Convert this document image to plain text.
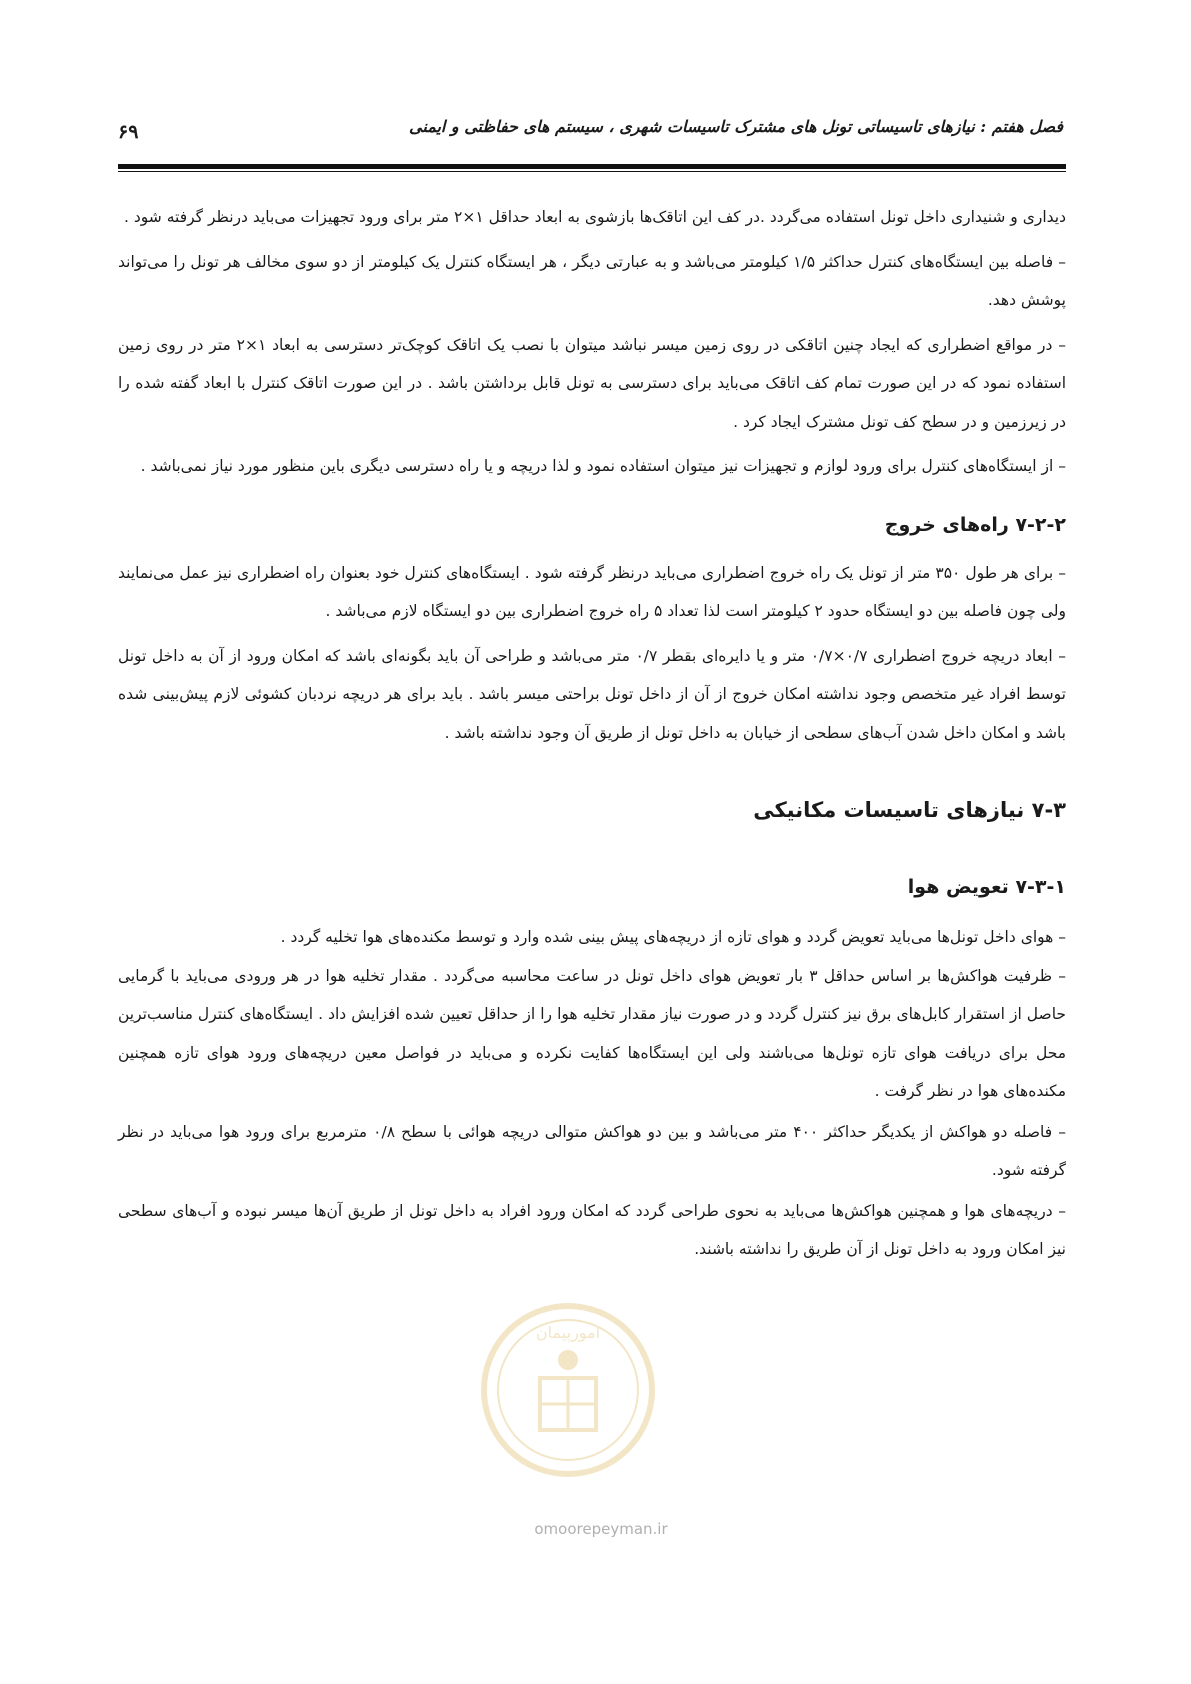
فصل هفتم : نیازهای تاسیساتی تونل های مشترک تاسیسات شهری ، سیستم های حفاظتی و ایمنی
۶۹

دیداری و شنیداری داخل تونل استفاده می‌گردد .در کف این اتاقک‌ها بازشوی به ابعاد حداقل ۱×۲ متر برای ورود تجهیزات می‌باید درنظر گرفته شود .

– فاصله بین ایستگاه‌های کنترل حداکثر ۱/۵ کیلومتر می‌باشد و به عبارتی دیگر ، هر ایستگاه کنترل یک کیلومتر از دو سوی مخالف هر تونل را می‌تواند پوشش دهد.

– در مواقع اضطراری که ایجاد چنین اتاقکی در روی زمین میسر نباشد میتوان با نصب یک اتاقک کوچک‌تر دسترسی به ابعاد ۱×۲ متر در روی زمین استفاده نمود که در این صورت تمام کف اتاقک می‌باید برای دسترسی به تونل قابل برداشتن باشد . در این صورت اتاقک کنترل با ابعاد گفته شده را در زیرزمین و در سطح کف تونل مشترک ایجاد کرد .

– از ایستگاه‌های کنترل برای ورود لوازم و تجهیزات نیز میتوان استفاده نمود و لذا دریچه و یا راه دسترسی دیگری باین منظور مورد نیاز نمی‌باشد .

۷-۲-۲ راه‌های خروج

– برای هر طول ۳۵۰ متر از تونل یک راه خروج اضطراری می‌باید درنظر گرفته شود . ایستگاه‌های کنترل خود بعنوان راه اضطراری نیز عمل می‌نمایند ولی چون فاصله بین دو ایستگاه حدود ۲ کیلومتر است لذا تعداد ۵ راه خروج اضطراری بین دو ایستگاه لازم می‌باشد .

– ابعاد دریچه خروج اضطراری ۰/۷×۰/۷ متر و یا دایره‌ای بقطر ۰/۷ متر می‌باشد و طراحی آن باید بگونه‌ای باشد که امکان ورود از آن به داخل تونل توسط افراد غیر متخصص وجود نداشته امکان خروج از آن از داخل تونل براحتی میسر باشد . باید برای هر دریچه نردبان کشوئی لازم پیش‌بینی شده باشد و امکان داخل شدن آب‌های سطحی از خیابان به داخل تونل از طریق آن وجود نداشته باشد .

۷-۳ نیازهای تاسیسات مکانیکی
۷-۳-۱ تعویض هوا

– هوای داخل تونل‌ها می‌باید تعویض گردد و هوای تازه از دریچه‌های پیش بینی شده وارد و توسط مکنده‌های هوا تخلیه گردد .

– ظرفیت هواکش‌ها بر اساس حداقل ۳ بار تعویض هوای داخل تونل در ساعت محاسبه می‌گردد . مقدار تخلیه هوا در هر ورودی می‌باید با گرمایی حاصل از استقرار کابل‌های برق نیز کنترل گردد و در صورت نیاز مقدار تخلیه هوا را از حداقل تعیین شده افزایش داد . ایستگاه‌های کنترل مناسب‌ترین محل برای دریافت هوای تازه تونل‌ها می‌باشند ولی این ایستگاه‌ها کفایت نکرده و می‌باید در فواصل معین دریچه‌های ورود هوای تازه همچنین مکنده‌های هوا در نظر گرفت .

– فاصله دو هواکش از یکدیگر حداکثر ۴۰۰ متر می‌باشد و بین دو هواکش متوالی دریچه هوائی با سطح ۰/۸ مترمربع برای ورود هوا می‌باید در نظر گرفته شود.

– دریچه‌های هوا و همچنین هواکش‌ها می‌باید به نحوی طراحی گردد که امکان ورود افراد به داخل تونل از طریق آن‌ها میسر نبوده و آب‌های سطحی نیز امکان ورود به داخل تونل از آن طریق را نداشته باشند.

امورپیمان
omoorepeyman.ir
